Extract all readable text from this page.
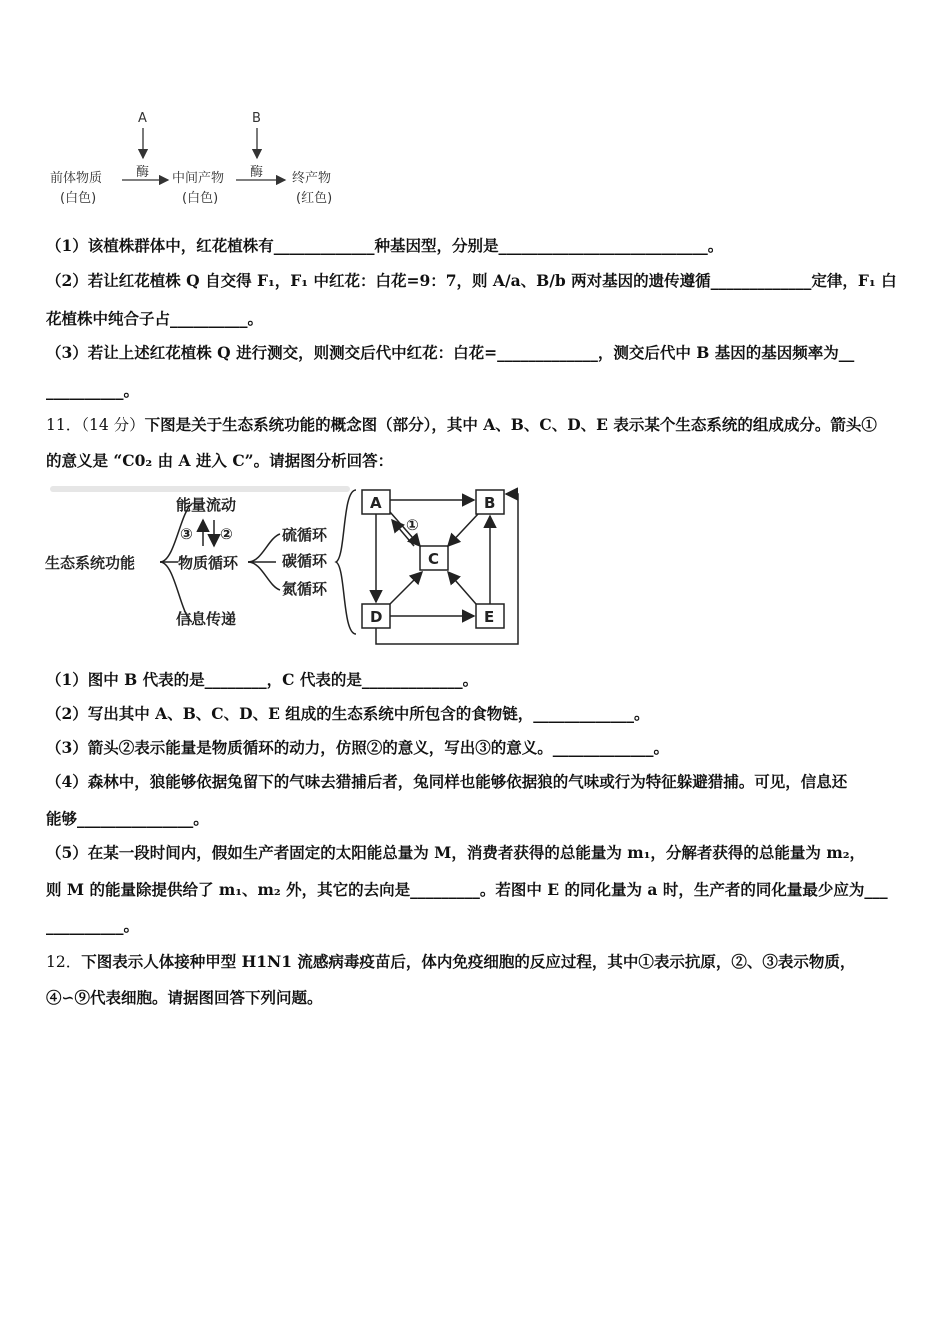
A	B
前体物质
(白色)
酶 中间产物
(白色)
酶 终产物
(红色)
（1）该植株群体中，红花植株有_____________种基因型，分别是___________________________。
（2）若让红花植株 Q 自交得 F₁，F₁ 中红花：白花=9：7，则 A/a、B/b 两对基因的遗传遵循_____________定律，F₁ 白
花植株中纯合子占__________。
（3）若让上述红花植株 Q 进行测交，则测交后代中红花：白花=_____________，测交后代中 B 基因的基因频率为__
__________。
11．（14 分）下图是关于生态系统功能的概念图（部分），其中 A、B、C、D、E 表示某个生态系统的组成成分。箭头①
的意义是 “C0₂ 由 A 进入 C”。请据图分析回答：
生态系统功能
能量流动
物质循环
信息传递
③ ②	硫循环
碳循环
氮循环
A	B
C
D	E
①
（1）图中 B 代表的是________，C 代表的是_____________。
（2）写出其中 A、B、C、D、E 组成的生态系统中所包含的食物链，_____________。
（3）箭头②表示能量是物质循环的动力，仿照②的意义，写出③的意义。_____________。
（4）森林中，狼能够依据兔留下的气味去猎捕后者，兔同样也能够依据狼的气味或行为特征躲避猎捕。可见，信息还
能够_______________。
（5）在某一段时间内，假如生产者固定的太阳能总量为 M，消费者获得的总能量为 m₁，分解者获得的总能量为 m₂，
则 M 的能量除提供给了 m₁、m₂ 外，其它的去向是_________。若图中 E 的同化量为 a 时，生产者的同化量最少应为___
__________。
12．下图表示人体接种甲型 H1N1 流感病毒疫苗后，体内免疫细胞的反应过程，其中①表示抗原，②、③表示物质，
④∽⑨代表细胞。请据图回答下列问题。
